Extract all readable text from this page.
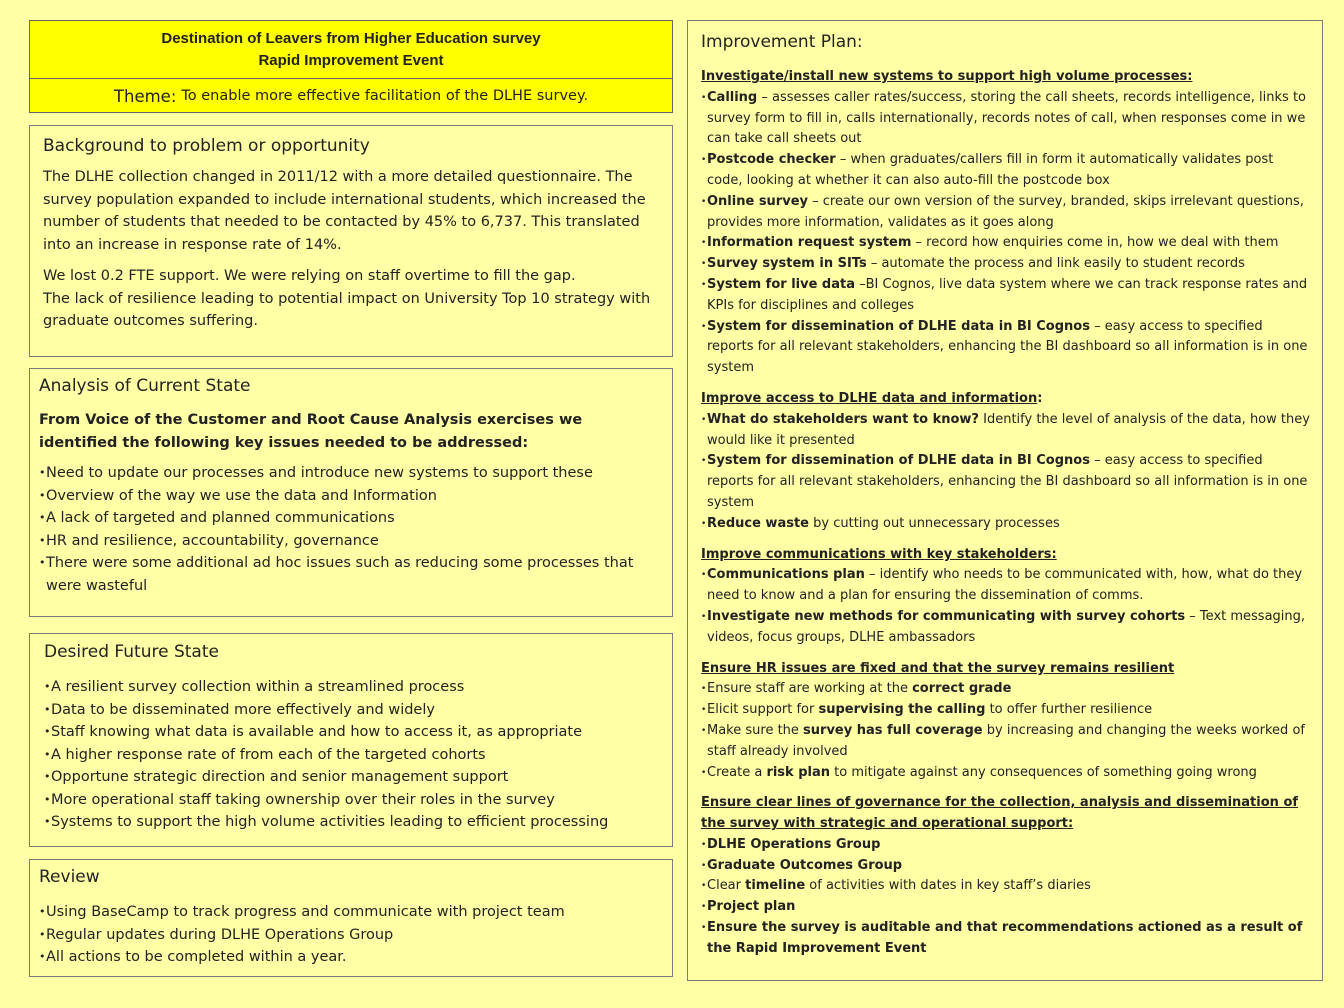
Destination of Leavers from Higher Education survey
Rapid Improvement Event
Theme: To enable more effective facilitation of the DLHE survey.
Background to problem or opportunity

The DLHE collection changed in 2011/12 with a more detailed questionnaire. The survey population expanded to include international students, which increased the number of students that needed to be contacted by 45% to 6,737. This translated into an increase in response rate of 14%.

We lost 0.2 FTE support. We were relying on staff overtime to fill the gap.

The lack of resilience leading to potential impact on University Top 10 strategy with graduate outcomes suffering.

Analysis of Current State

From Voice of the Customer and Root Cause Analysis exercises we identified the following key issues needed to be addressed:

• Need to update our processes and introduce new systems to support these
• Overview of the way we use the data and Information
• A lack of targeted and planned communications
• HR and resilience, accountability, governance
• There were some additional ad hoc issues such as reducing some processes that were wasteful
Desired Future State
• A resilient survey collection within a streamlined process
• Data to be disseminated more effectively and widely
• Staff knowing what data is available and how to access it, as appropriate
• A higher response rate of from each of the targeted cohorts
• Opportune strategic direction and senior management support
• More operational staff taking ownership over their roles in the survey
• Systems to support the high volume activities leading to efficient processing
Review
• Using BaseCamp to track progress and communicate with project team
• Regular updates during DLHE Operations Group
• All actions to be completed within a year.
Improvement Plan:
Investigate/install new systems to support high volume processes:
• Calling – assesses caller rates/success, storing the call sheets, records intelligence, links to survey form to fill in, calls internationally, records notes of call, when responses come in we can take call sheets out
• Postcode checker – when graduates/callers fill in form it automatically validates post code, looking at whether it can also auto-fill the postcode box
• Online survey – create our own version of the survey, branded, skips irrelevant questions, provides more information, validates as it goes along
• Information request system – record how enquiries come in, how we deal with them
• Survey system in SITs – automate the process and link easily to student records
• System for live data –BI Cognos, live data system where we can track response rates and KPIs for disciplines and colleges
• System for dissemination of DLHE data in BI Cognos – easy access to specified reports for all relevant stakeholders, enhancing the BI dashboard so all information is in one system
Improve access to DLHE data and information:
• What do stakeholders want to know? Identify the level of analysis of the data, how they would like it presented
• System for dissemination of DLHE data in BI Cognos – easy access to specified reports for all relevant stakeholders, enhancing the BI dashboard so all information is in one system
• Reduce waste by cutting out unnecessary processes
Improve communications with key stakeholders:
• Communications plan – identify who needs to be communicated with, how, what do they need to know and a plan for ensuring the dissemination of comms.
• Investigate new methods for communicating with survey cohorts – Text messaging, videos, focus groups, DLHE ambassadors
Ensure HR issues are fixed and that the survey remains resilient
• Ensure staff are working at the correct grade
• Elicit support for supervising the calling to offer further resilience
• Make sure the survey has full coverage by increasing and changing the weeks worked of staff already involved
• Create a risk plan to mitigate against any consequences of something going wrong
Ensure clear lines of governance for the collection, analysis and dissemination of the survey with strategic and operational support:
• DLHE Operations Group
• Graduate Outcomes Group
• Clear timeline of activities with dates in key staff’s diaries
• Project plan
• Ensure the survey is auditable and that recommendations actioned as a result of the Rapid Improvement Event
